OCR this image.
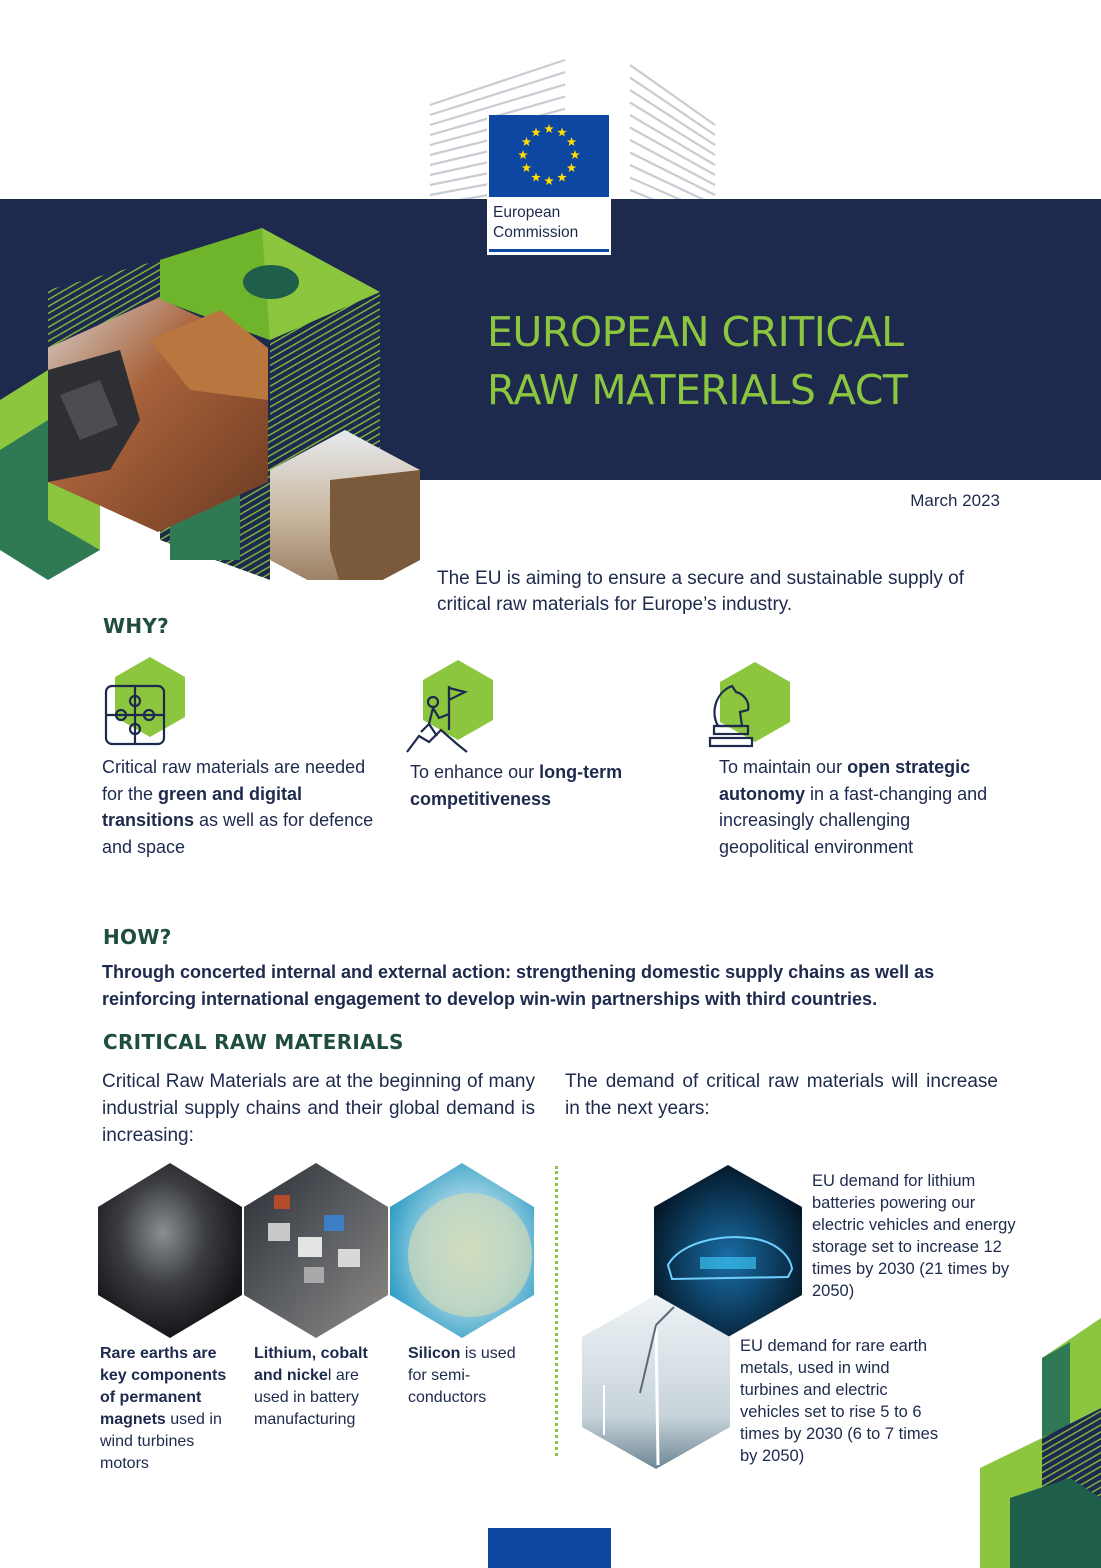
European
Commission
EUROPEAN CRITICAL
RAW MATERIALS ACT
March 2023
The EU is aiming to ensure a secure and sustainable supply of critical raw materials for Europe’s industry.
WHY?
Critical raw materials are needed for the green and digital transitions as well as for defence and space
To enhance our long-term competitiveness
To maintain our open strategic autonomy in a fast-changing and increasingly challenging geopolitical environment
HOW?
Through concerted internal and external action: strengthening domestic supply chains as well as reinforcing international engagement to develop win-win partnerships with third countries.
CRITICAL RAW MATERIALS
Critical Raw Materials are at the beginning of many industrial supply chains and their global demand is increasing:
The demand of critical raw materials will increase in the next years:
Rare earths are key components of permanent magnets used in wind turbines motors
Lithium, cobalt and nickel are used in battery manufacturing
Silicon is used for semi-conductors
EU demand for lithium batteries powering our electric vehicles and energy storage set to increase 12 times by 2030 (21 times by 2050)
EU demand for rare earth metals, used in wind turbines and electric vehicles set to rise 5 to 6 times by 2030 (6 to 7 times by 2050)
